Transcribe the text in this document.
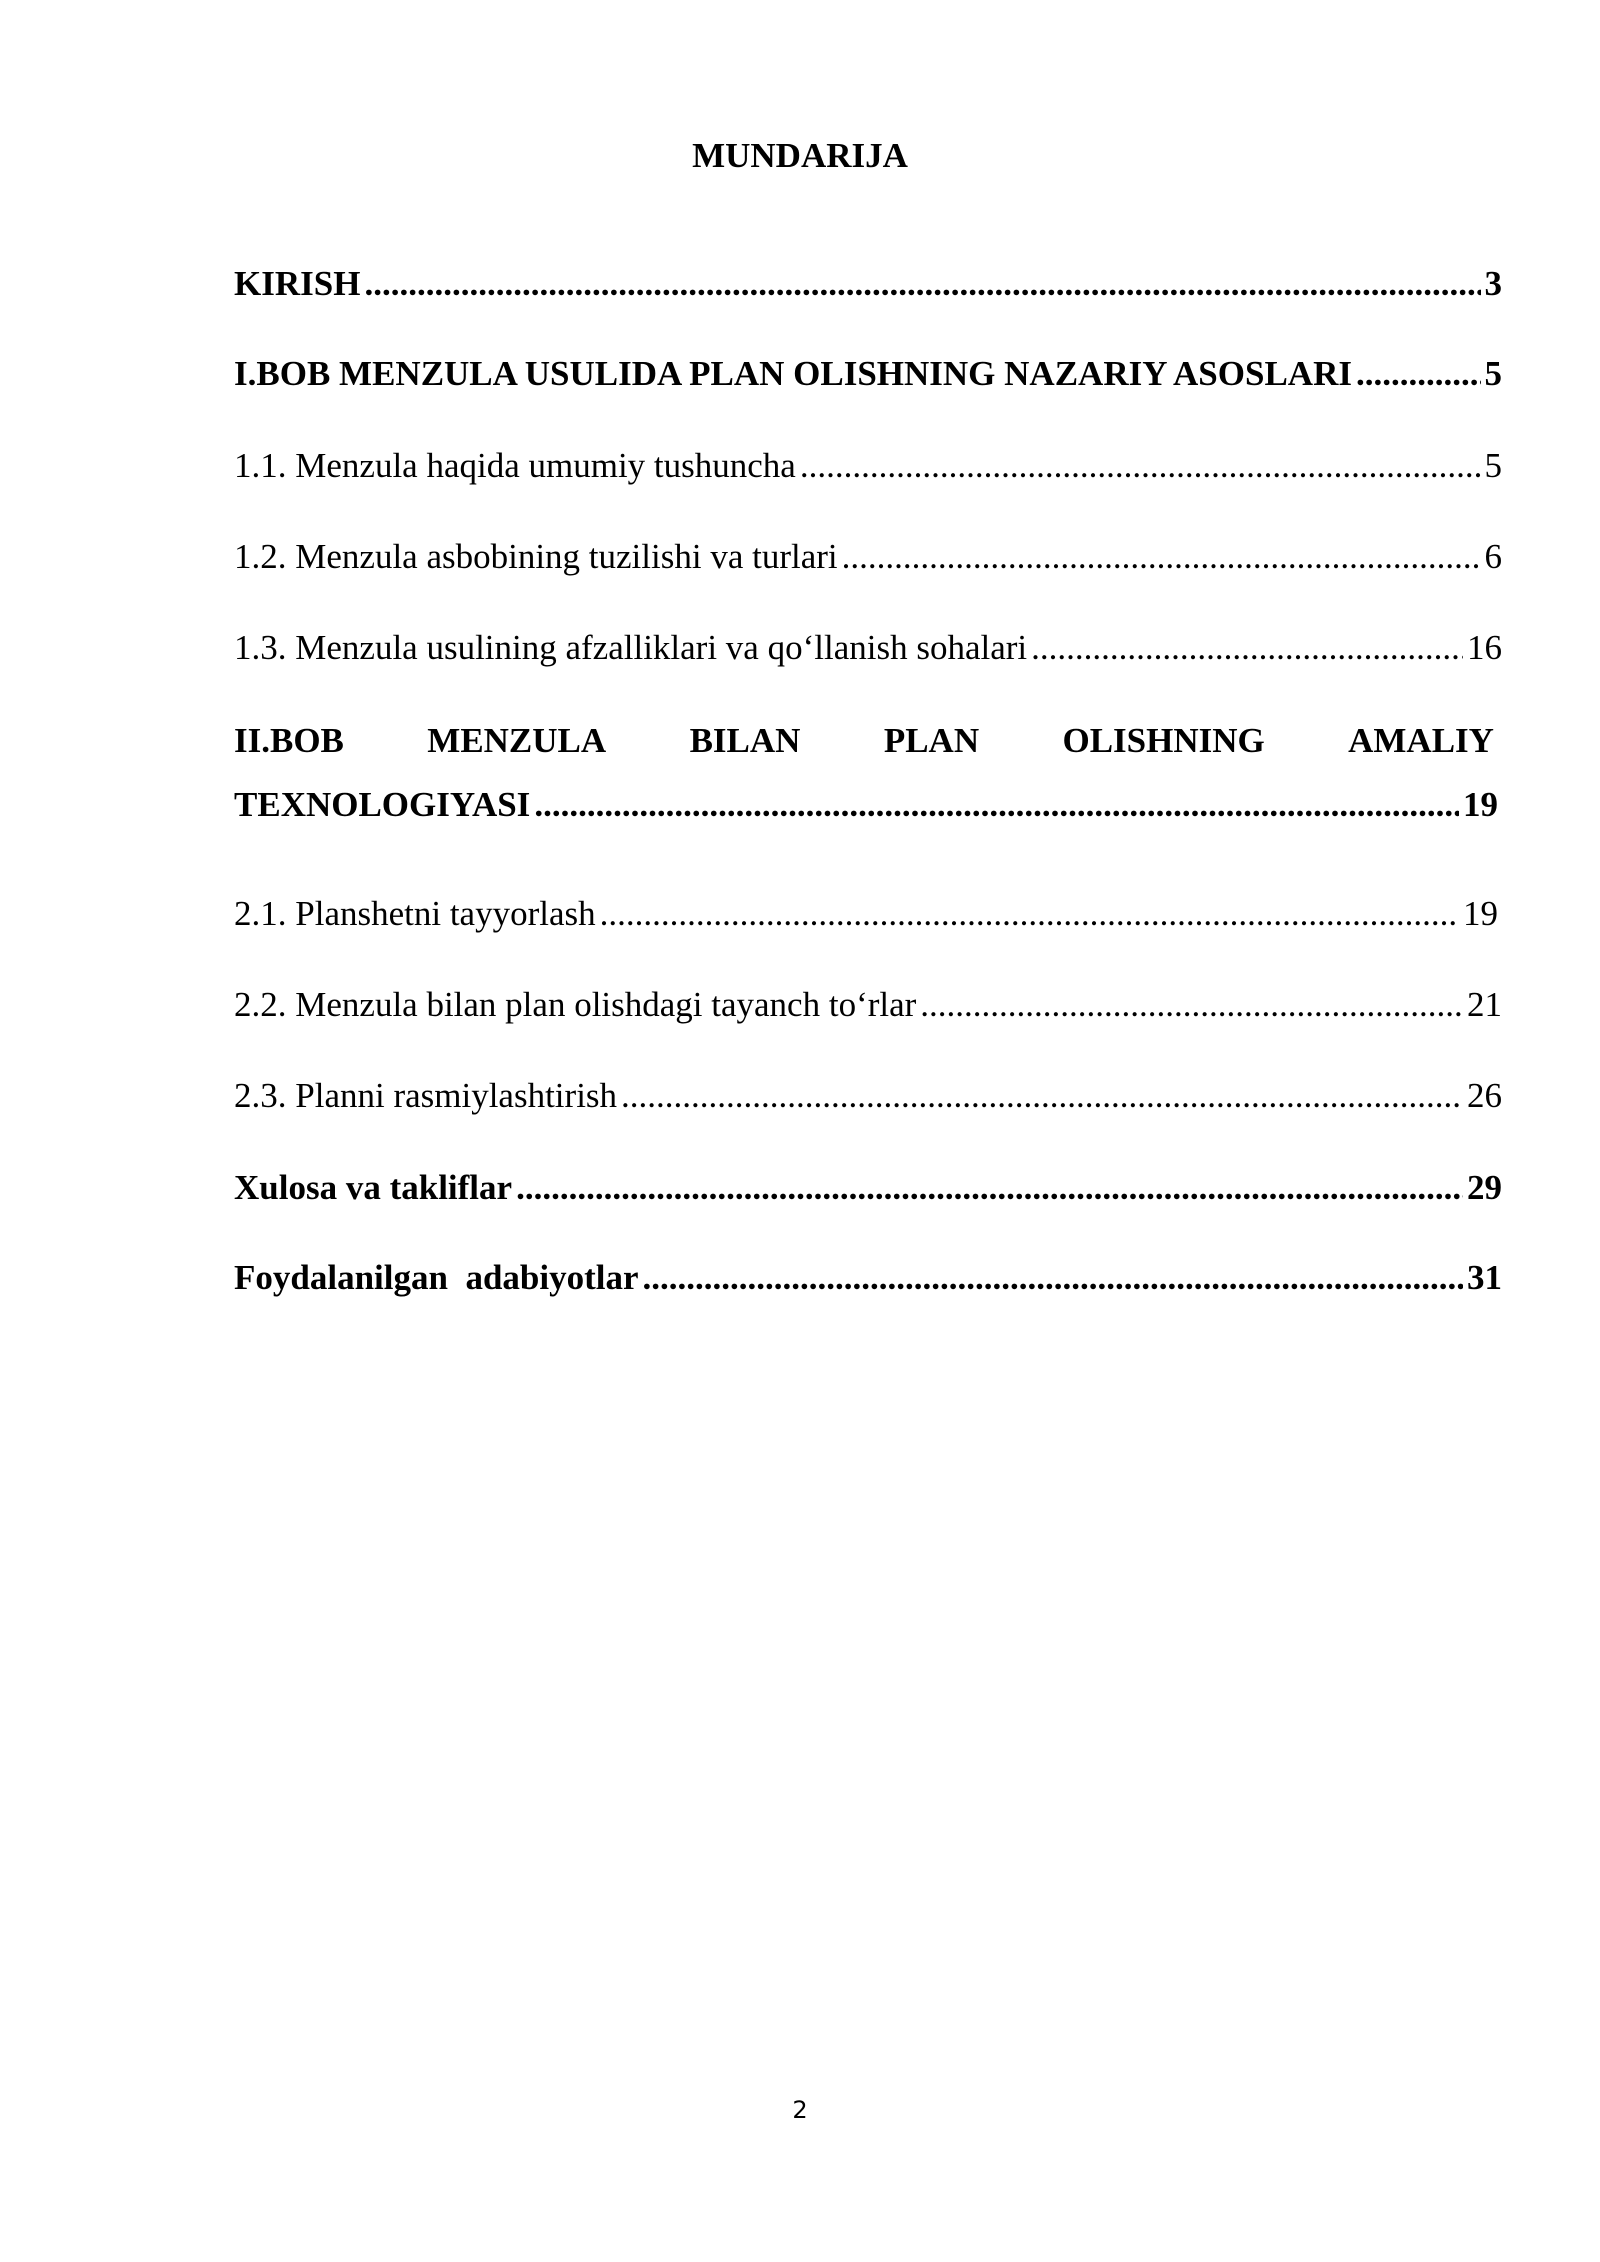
MUNDARIJA
KIRISH .....	3
I.BOB MENZULA USULIDA PLAN OLISHNING NAZARIY ASOSLARI .....	5
1.1. Menzula haqida umumiy tushuncha .....	5
1.2. Menzula asbobining tuzilishi va turlari .....	6
1.3. Menzula usulining afzalliklari va qo‘llanish sohalari .....	16
II.BOB MENZULA BILAN PLAN OLISHNING AMALIY
TEXNOLOGIYASI .....	19
2.1. Planshetni tayyorlash .....	19
2.2. Menzula bilan plan olishdagi tayanch to‘rlar .....	21
2.3. Planni rasmiylashtirish .....	26
Xulosa va takliflar .....	29
Foydalanilgan  adabiyotlar .....	31
2
